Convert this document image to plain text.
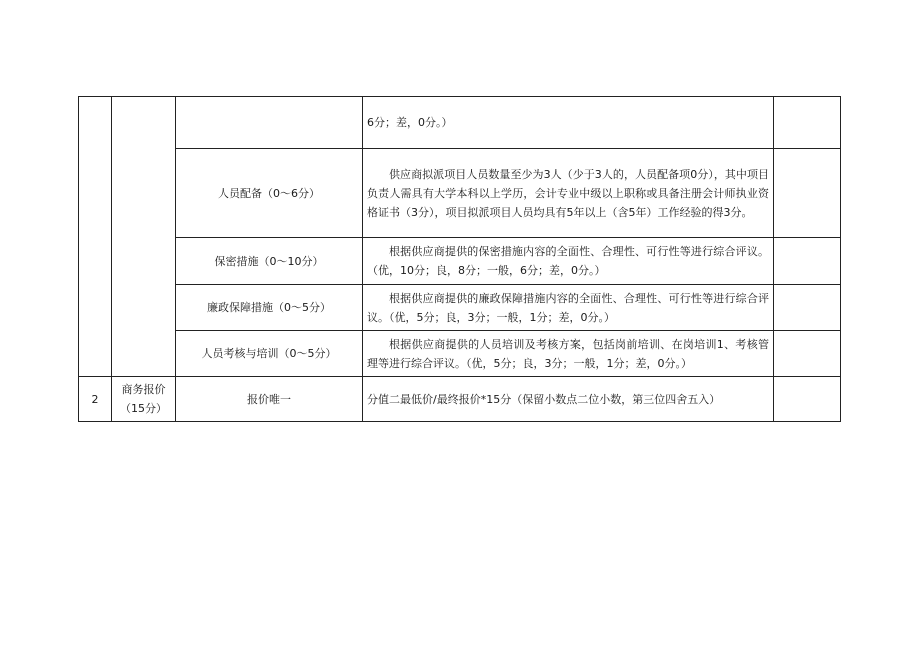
			6分；差，0分。）	
		人员配备（0～6分）	供应商拟派项目人员数量至少为3人（少于3人的，人员配备项0分），其中项目负责人需具有大学本科以上学历，会计专业中级以上职称或具备注册会计师执业资格证书（3分），项目拟派项目人员均具有5年以上（含5年）工作经验的得3分。	

		保密措施（0～10分）	根据供应商提供的保密措施内容的全面性、合理性、可行性等进行综合评议。（优，10分；良，8分；一般，6分；差，0分。）	

		廉政保障措施（0～5分）	根据供应商提供的廉政保障措施内容的全面性、合理性、可行性等进行综合评议。（优，5分；良，3分；一般，1分；差，0分。）	

		人员考核与培训（0～5分）	根据供应商提供的人员培训及考核方案，包括岗前培训、在岗培训1、考核管理等进行综合评议。（优，5分；良，3分；一般，1分；差，0分。）	

2	商务报价（15分）	报价唯一	分值二最低价/最终报价*15分（保留小数点二位小数，第三位四舍五入）	
